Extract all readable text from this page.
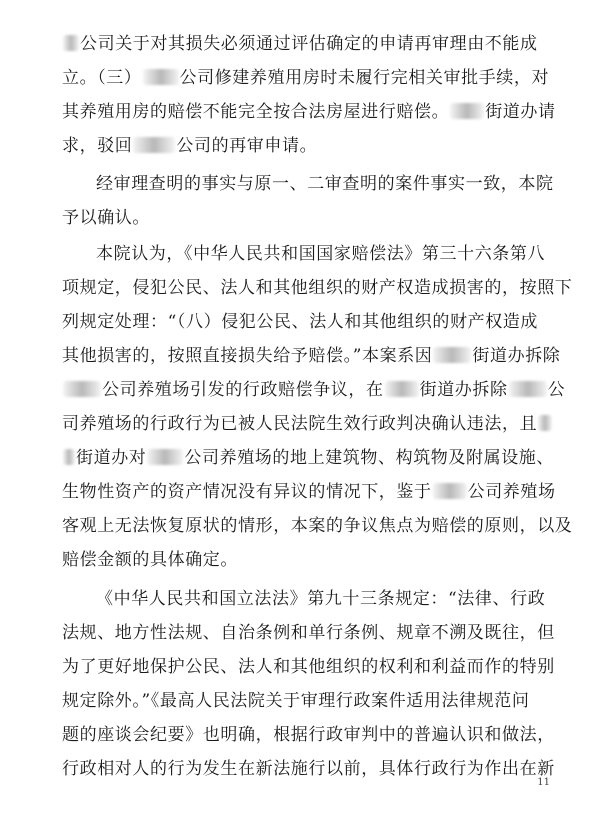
公司关于对其损失必须通过评估确定的申请再审理由不能成
立。（三） 公司修建养殖用房时未履行完相关审批手续，对
其养殖用房的赔偿不能完全按合法房屋进行赔偿。 街道办请
求，驳回	公司的再审申请。
经审理查明的事实与原一、二审查明的案件事实一致，本院
予以确认。
本院认为，《中华人民共和国国家赔偿法》第三十六条第八
项规定，侵犯公民、法人和其他组织的财产权造成损害的，按照下
列规定处理：“（八）侵犯公民、法人和其他组织的财产权造成
其他损害的，按照直接损失给予赔偿。”本案系因 街道办拆除
公司养殖场引发的行政赔偿争议，在 街道办拆除 公
司养殖场的行政行为已被人民法院生效行政判决确认违法，且
街道办对 公司养殖场的地上建筑物、构筑物及附属设施、
生物性资产的资产情况没有异议的情况下，鉴于 公司养殖场
客观上无法恢复原状的情形，本案的争议焦点为赔偿的原则，以及
赔偿金额的具体确定。
《中华人民共和国立法法》第九十三条规定：“法律、行政
法规、地方性法规、自治条例和单行条例、规章不溯及既往，但
为了更好地保护公民、法人和其他组织的权利和利益而作的特别
规定除外。”《最高人民法院关于审理行政案件适用法律规范问
题的座谈会纪要》也明确，根据行政审判中的普遍认识和做法，
行政相对人的行为发生在新法施行以前，具体行政行为作出在新
11
